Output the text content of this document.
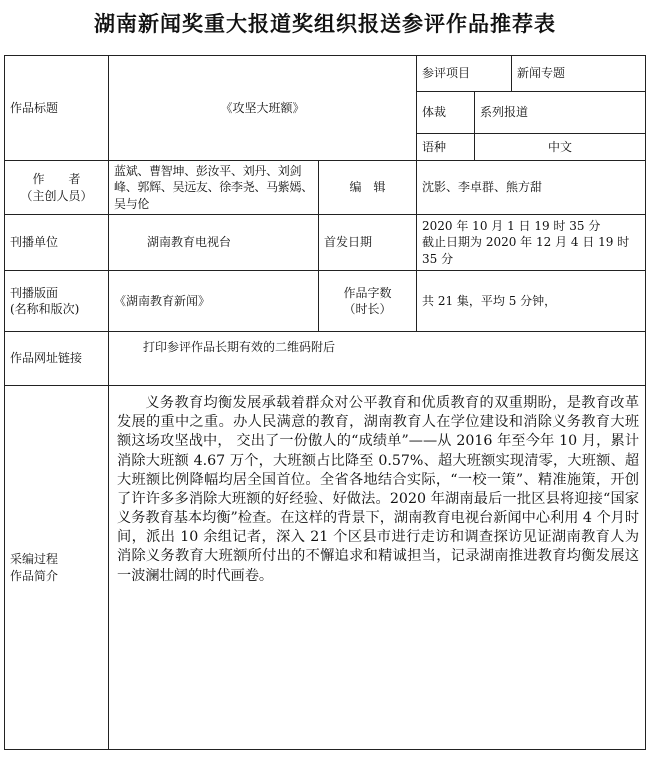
湖南新闻奖重大报道奖组织报送参评作品推荐表
作品标题	《攻坚大班额》		参评项目		新闻专题
			体裁	系列报道	
			语种	中文	
作　　者
（主创人员）	蓝斌、曹智坤、彭汝平、刘丹、刘剑峰、郭辉、吴远友、徐李尧、马紫嫣、吴与伦	编　辑	沈影、李卓群、熊方甜		
刊播单位	湖南教育电视台	首发日期	2020 年 10 月 1 日 19 时 35 分
截止日期为 2020 年 12 月 4 日 19 时 35 分		
刊播版面
(名称和版次)	《湖南教育新闻》	作品字数
（时长）	共 21 集，平均 5 分钟，		
作品网址链接	打印参评作品长期有效的二维码附后				
采编过程
作品简介	义务教育均衡发展承载着群众对公平教育和优质教育的双重期盼，是教育改革发展的重中之重。办人民满意的教育，湖南教育人在学位建设和消除义务教育大班额这场攻坚战中， 交出了一份傲人的“成绩单”——从 2016 年至今年 10 月，累计消除大班额 4.67 万个，大班额占比降至 0.57%、超大班额实现清零，大班额、超大班额比例降幅均居全国首位。全省各地结合实际，“一校一策”、精准施策，开创了许许多多消除大班额的好经验、好做法。2020 年湖南最后一批区县将迎接“国家义务教育基本均衡”检查。在这样的背景下，湖南教育电视台新闻中心利用 4 个月时间，派出 10 余组记者，深入 21 个区县市进行走访和调查探访见证湖南教育人为消除义务教育大班额所付出的不懈追求和精诚担当，记录湖南推进教育均衡发展这一波澜壮阔的时代画卷。				
